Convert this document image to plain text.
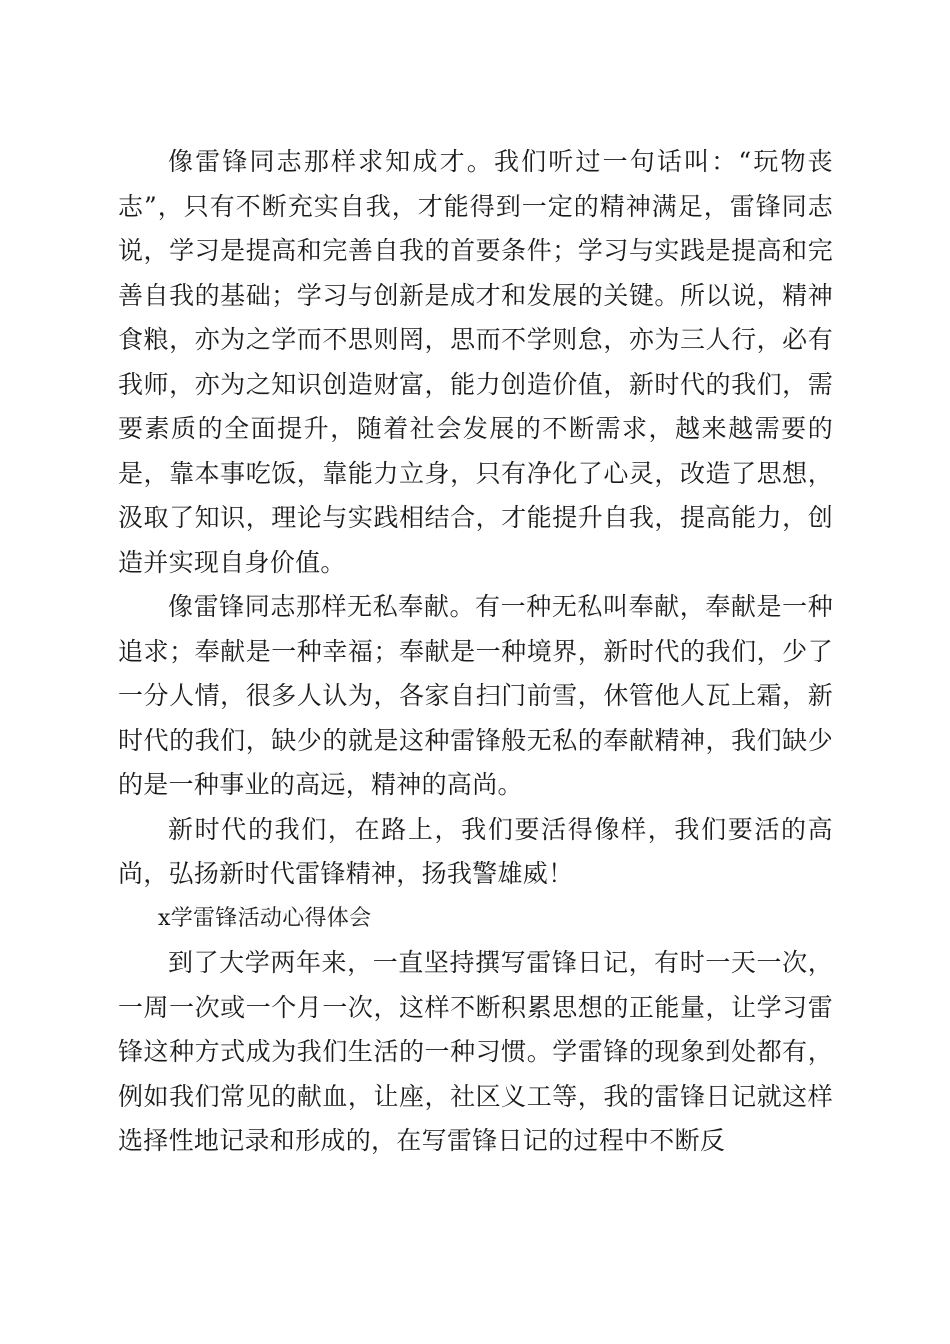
像雷锋同志那样求知成才。我们听过一句话叫：“玩物丧志”，只有不断充实自我，才能得到一定的精神满足，雷锋同志说，学习是提高和完善自我的首要条件；学习与实践是提高和完善自我的基础；学习与创新是成才和发展的关键。所以说，精神食粮，亦为之学而不思则罔，思而不学则怠，亦为三人行，必有我师，亦为之知识创造财富，能力创造价值，新时代的我们，需要素质的全面提升，随着社会发展的不断需求，越来越需要的是，靠本事吃饭，靠能力立身，只有净化了心灵，改造了思想，汲取了知识，理论与实践相结合，才能提升自我，提高能力，创造并实现自身价值。

像雷锋同志那样无私奉献。有一种无私叫奉献，奉献是一种追求；奉献是一种幸福；奉献是一种境界，新时代的我们，少了一分人情，很多人认为，各家自扫门前雪，休管他人瓦上霜，新时代的我们，缺少的就是这种雷锋般无私的奉献精神，我们缺少的是一种事业的高远，精神的高尚。

新时代的我们，在路上，我们要活得像样，我们要活的高尚，弘扬新时代雷锋精神，扬我警雄威！

x学雷锋活动心得体会

到了大学两年来，一直坚持撰写雷锋日记，有时一天一次，一周一次或一个月一次，这样不断积累思想的正能量，让学习雷锋这种方式成为我们生活的一种习惯。学雷锋的现象到处都有，例如我们常见的献血，让座，社区义工等，我的雷锋日记就这样选择性地记录和形成的，在写雷锋日记的过程中不断反
